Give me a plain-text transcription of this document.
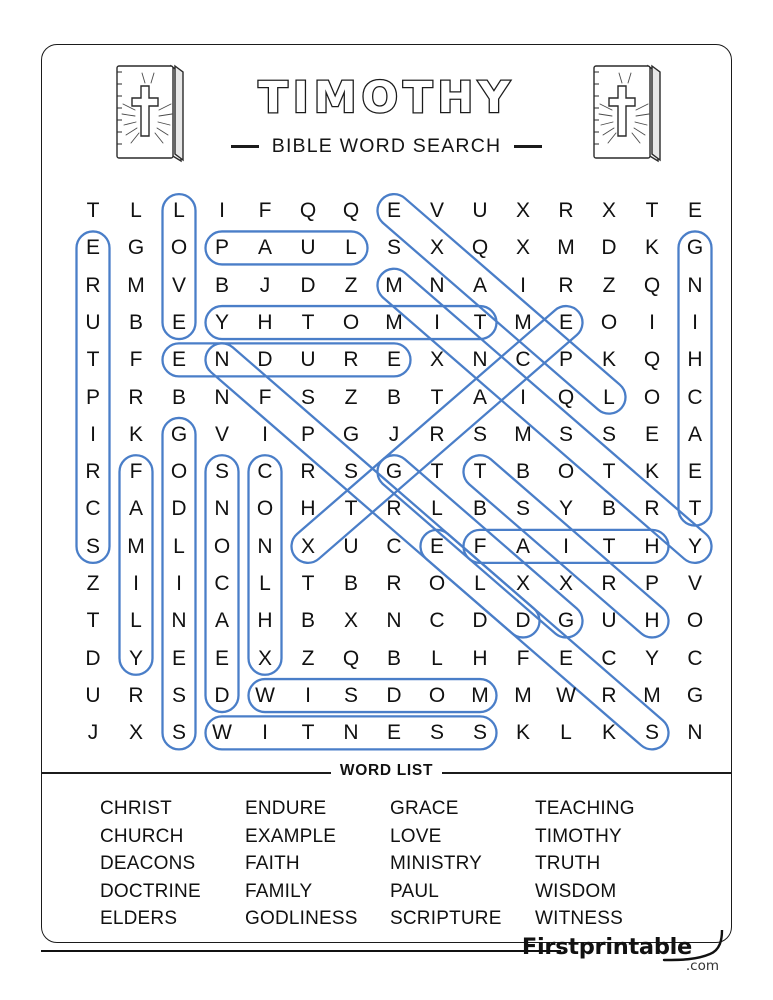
TIMOTHY
BIBLE WORD SEARCH
T	L	L	I	F	Q	Q	E	V	U	X	R	X	T	E
E	G	O	P	A	U	L	S	X	Q	X	M	D	K	G
R	M	V	B	J	D	Z	M	N	A	I	R	Z	Q	N
U	B	E	Y	H	T	O	M	I	T	M	E	O	I	I
T	F	E	N	D	U	R	E	X	N	C	P	K	Q	H
P	R	B	N	F	S	Z	B	T	A	I	Q	L	O	C
I	K	G	V	I	P	G	J	R	S	M	S	S	E	A
R	F	O	S	C	R	S	G	T	T	B	O	T	K	E
C	A	D	N	O	H	T	R	L	B	S	Y	B	R	T
S	M	L	O	N	X	U	C	E	F	A	I	T	H	Y
Z	I	I	C	L	T	B	R	O	L	X	X	R	P	V
T	L	N	A	H	B	X	N	C	D	D	G	U	H	O
D	Y	E	E	X	Z	Q	B	L	H	F	E	C	Y	C
U	R	S	D	W	I	S	D	O	M	M	W	R	M	G
J	X	S	W	I	T	N	E	S	S	K	L	K	S	N
WORD LIST
CHRIST
CHURCH
DEACONS
DOCTRINE
ELDERS
ENDURE
EXAMPLE
FAITH
FAMILY
GODLINESS
GRACE
LOVE
MINISTRY
PAUL
SCRIPTURE
TEACHING
TIMOTHY
TRUTH
WISDOM
WITNESS
Firstprintable
.com
